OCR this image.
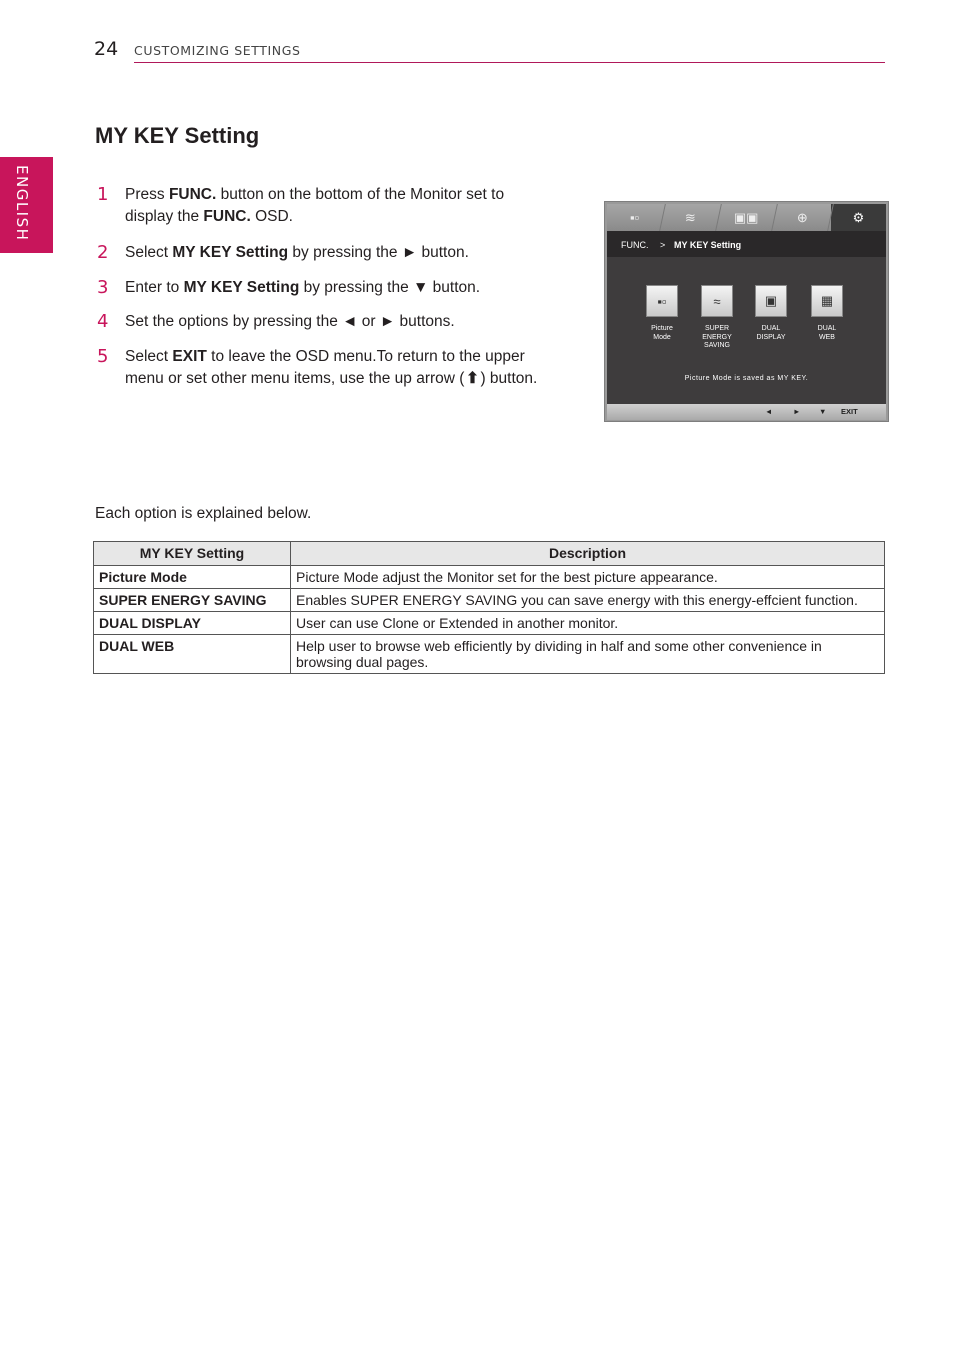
24 CUSTOMIZING SETTINGS
ENGLISH
MY KEY Setting
1 Press FUNC. button on the bottom of the Monitor set to display the FUNC. OSD.
2 Select MY KEY Setting by pressing the ► button.
3 Enter to MY KEY Setting by pressing the ▼ button.
4 Set the options by pressing the ◄ or ► buttons.
5 Select EXIT to leave the OSD menu.To return to the upper menu or set other menu items, use the up arrow (⬆) button.
▪▫	≋	▣▣	⊕	⚙
FUNC. > MY KEY Setting
▪▫
Picture
Mode
≈
SUPER
ENERGY
SAVING
▣
DUAL
DISPLAY
▦
DUAL
WEB
Picture Mode is saved as MY KEY.
◄	► ▼ EXIT
Each option is explained below.
MY KEY Setting	Description
Picture Mode	Picture Mode adjust the Monitor set for the best picture appearance.
SUPER ENERGY SAVING	Enables SUPER ENERGY SAVING you can save energy with this energy-effcient function.
DUAL DISPLAY	User can use Clone or Extended in another monitor.
DUAL WEB	Help user to browse web efficiently by dividing in half and some other convenience in browsing dual pages.
